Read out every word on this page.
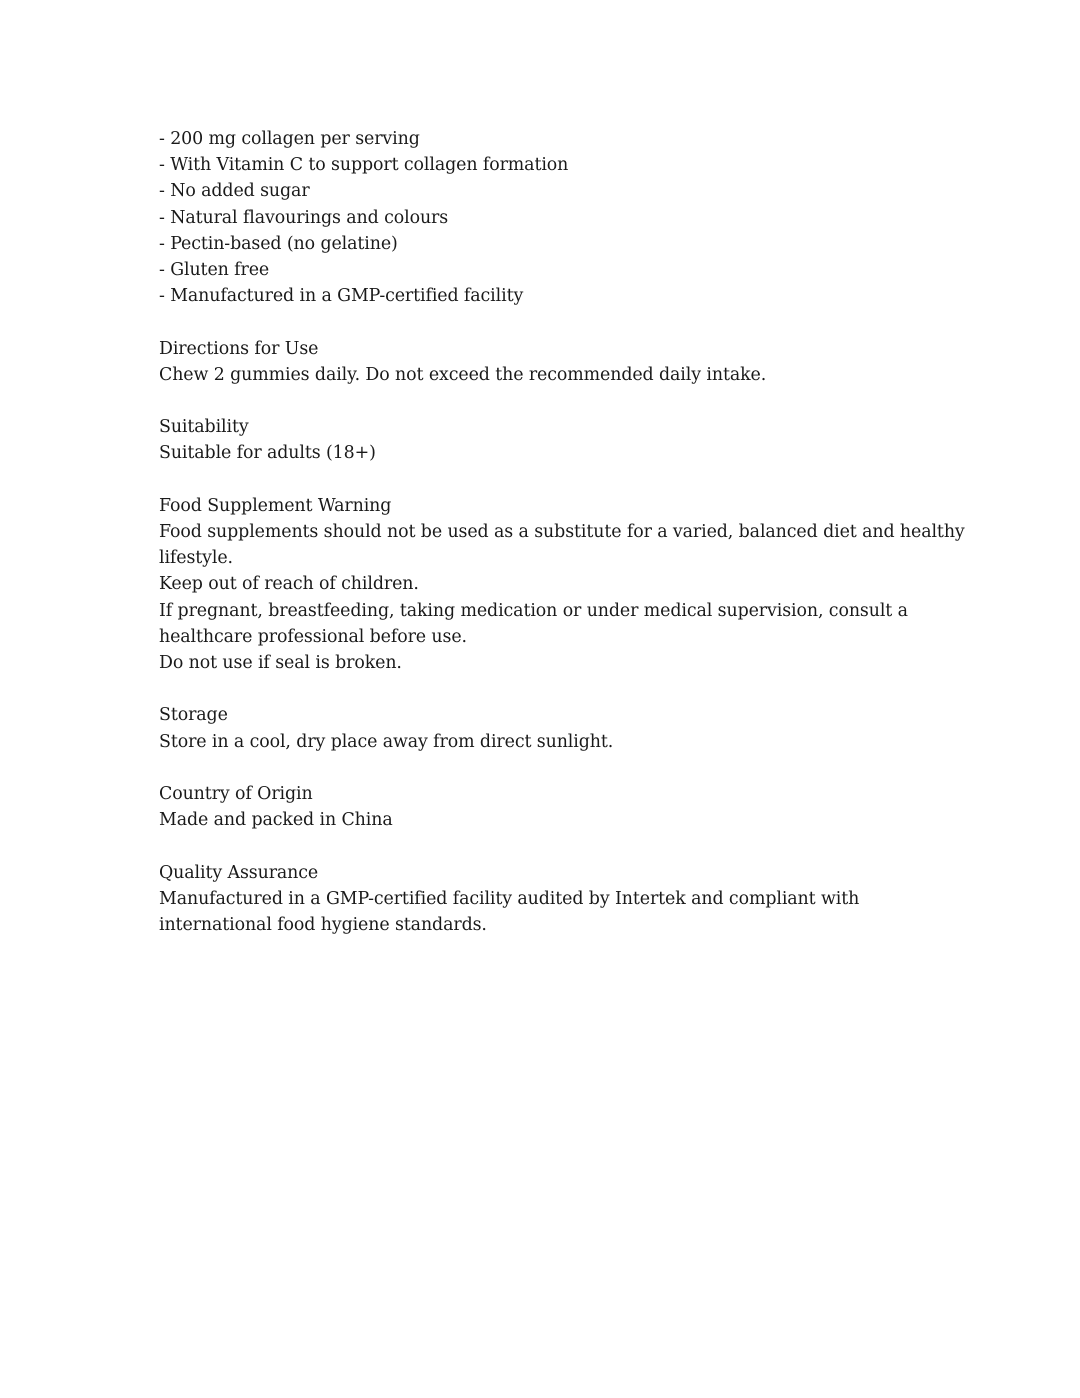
- 200 mg collagen per serving
- With Vitamin C to support collagen formation
- No added sugar
- Natural flavourings and colours
- Pectin-based (no gelatine)
- Gluten free
- Manufactured in a GMP-certified facility
Directions for Use
Chew 2 gummies daily. Do not exceed the recommended daily intake.
Suitability
Suitable for adults (18+)
Food Supplement Warning
Food supplements should not be used as a substitute for a varied, balanced diet and healthy
lifestyle.
Keep out of reach of children.
If pregnant, breastfeeding, taking medication or under medical supervision, consult a
healthcare professional before use.
Do not use if seal is broken.
Storage
Store in a cool, dry place away from direct sunlight.
Country of Origin
Made and packed in China
Quality Assurance
Manufactured in a GMP-certified facility audited by Intertek and compliant with
international food hygiene standards.
